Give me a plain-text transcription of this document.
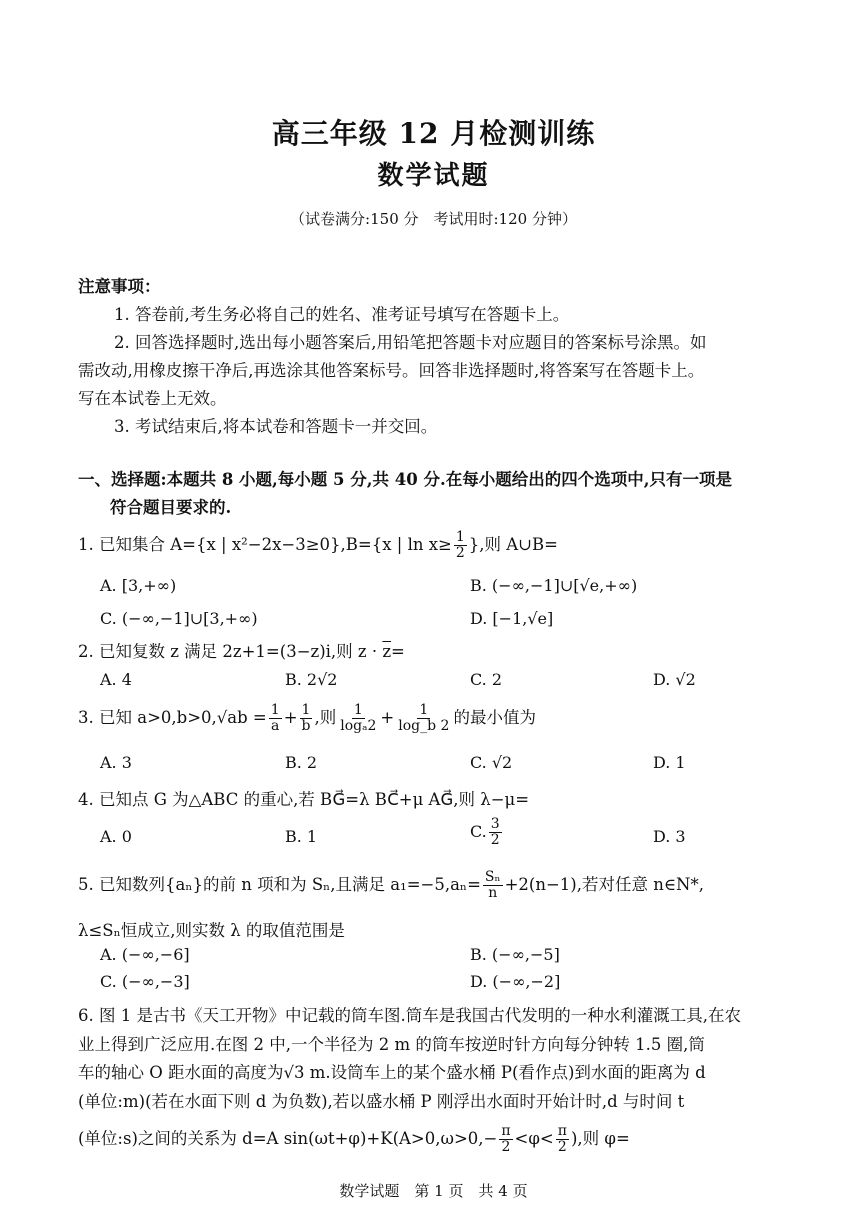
高三年级 12 月检测训练
数学试题
（试卷满分:150 分　考试用时:120 分钟）
注意事项：
1. 答卷前,考生务必将自己的姓名、准考证号填写在答题卡上。
2. 回答选择题时,选出每小题答案后,用铅笔把答题卡对应题目的答案标号涂黑。如
需改动,用橡皮擦干净后,再选涂其他答案标号。回答非选择题时,将答案写在答题卡上。
写在本试卷上无效。
3. 考试结束后,将本试卷和答题卡一并交回。
一、选择题:本题共 8 小题,每小题 5 分,共 40 分.在每小题给出的四个选项中,只有一项是
符合题目要求的.
1. 已知集合 A={x | x²−2x−3≥0},B={x | $\ln x\ge \frac{1}{2}$ },则 A∪B=
A. [3,+∞)	B. (−∞,−1]∪[√e,+∞)
C. (−∞,−1]∪[3,+∞)	D. [−1,√e]
2. 已知复数 z 满足 2z+1=(3−z)i,则 $z \cdot \overline{z}=$
A. 4	B. 2√2	C. 2	D. √2
3. 已知 $a>0,b>0,√ab = \frac{1}{a} + \frac{1}{b}$ ,则 $\frac{1}{\text{logₐ2}} + \frac{1}{\log\_b 2}$ 的最小值为
A. 3	B. 2	C. √2	D. 1
4. 已知点 G 为△ABC 的重心,若 BG⃗=λ BC⃗+μ AG⃗,则 λ−μ=
A. 0	B. 1	C. $\frac{3}{2}$	D. 3
5. 已知数列{aₙ}的前 n 项和为 Sₙ,且满足 $a_1=-5,a_n= \frac{\text{Sₙ}}{n} +2(n-1)$,若对任意 n∈N*,
λ≤Sₙ恒成立,则实数 λ 的取值范围是
A. (−∞,−6]	B. (−∞,−5]
C. (−∞,−3]	D. (−∞,−2]
6. 图 1 是古书《天工开物》中记载的筒车图.筒车是我国古代发明的一种水利灌溉工具,在农
业上得到广泛应用.在图 2 中,一个半径为 2 m 的筒车按逆时针方向每分钟转 1.5 圈,筒
车的轴心 O 距水面的高度为√3 m.设筒车上的某个盛水桶 P(看作点)到水面的距离为 d
(单位:m)(若在水面下则 d 为负数),若以盛水桶 P 刚浮出水面时开始计时,d 与时间 t
(单位:s)之间的关系为 d=A $\sin(\omega t+\varphi)+K(A>0,\omega>0,- \frac{\pi}{2} <\varphi< \frac{\pi}{2}$ ),则 φ=
数学试题　第 1 页　共 4 页
